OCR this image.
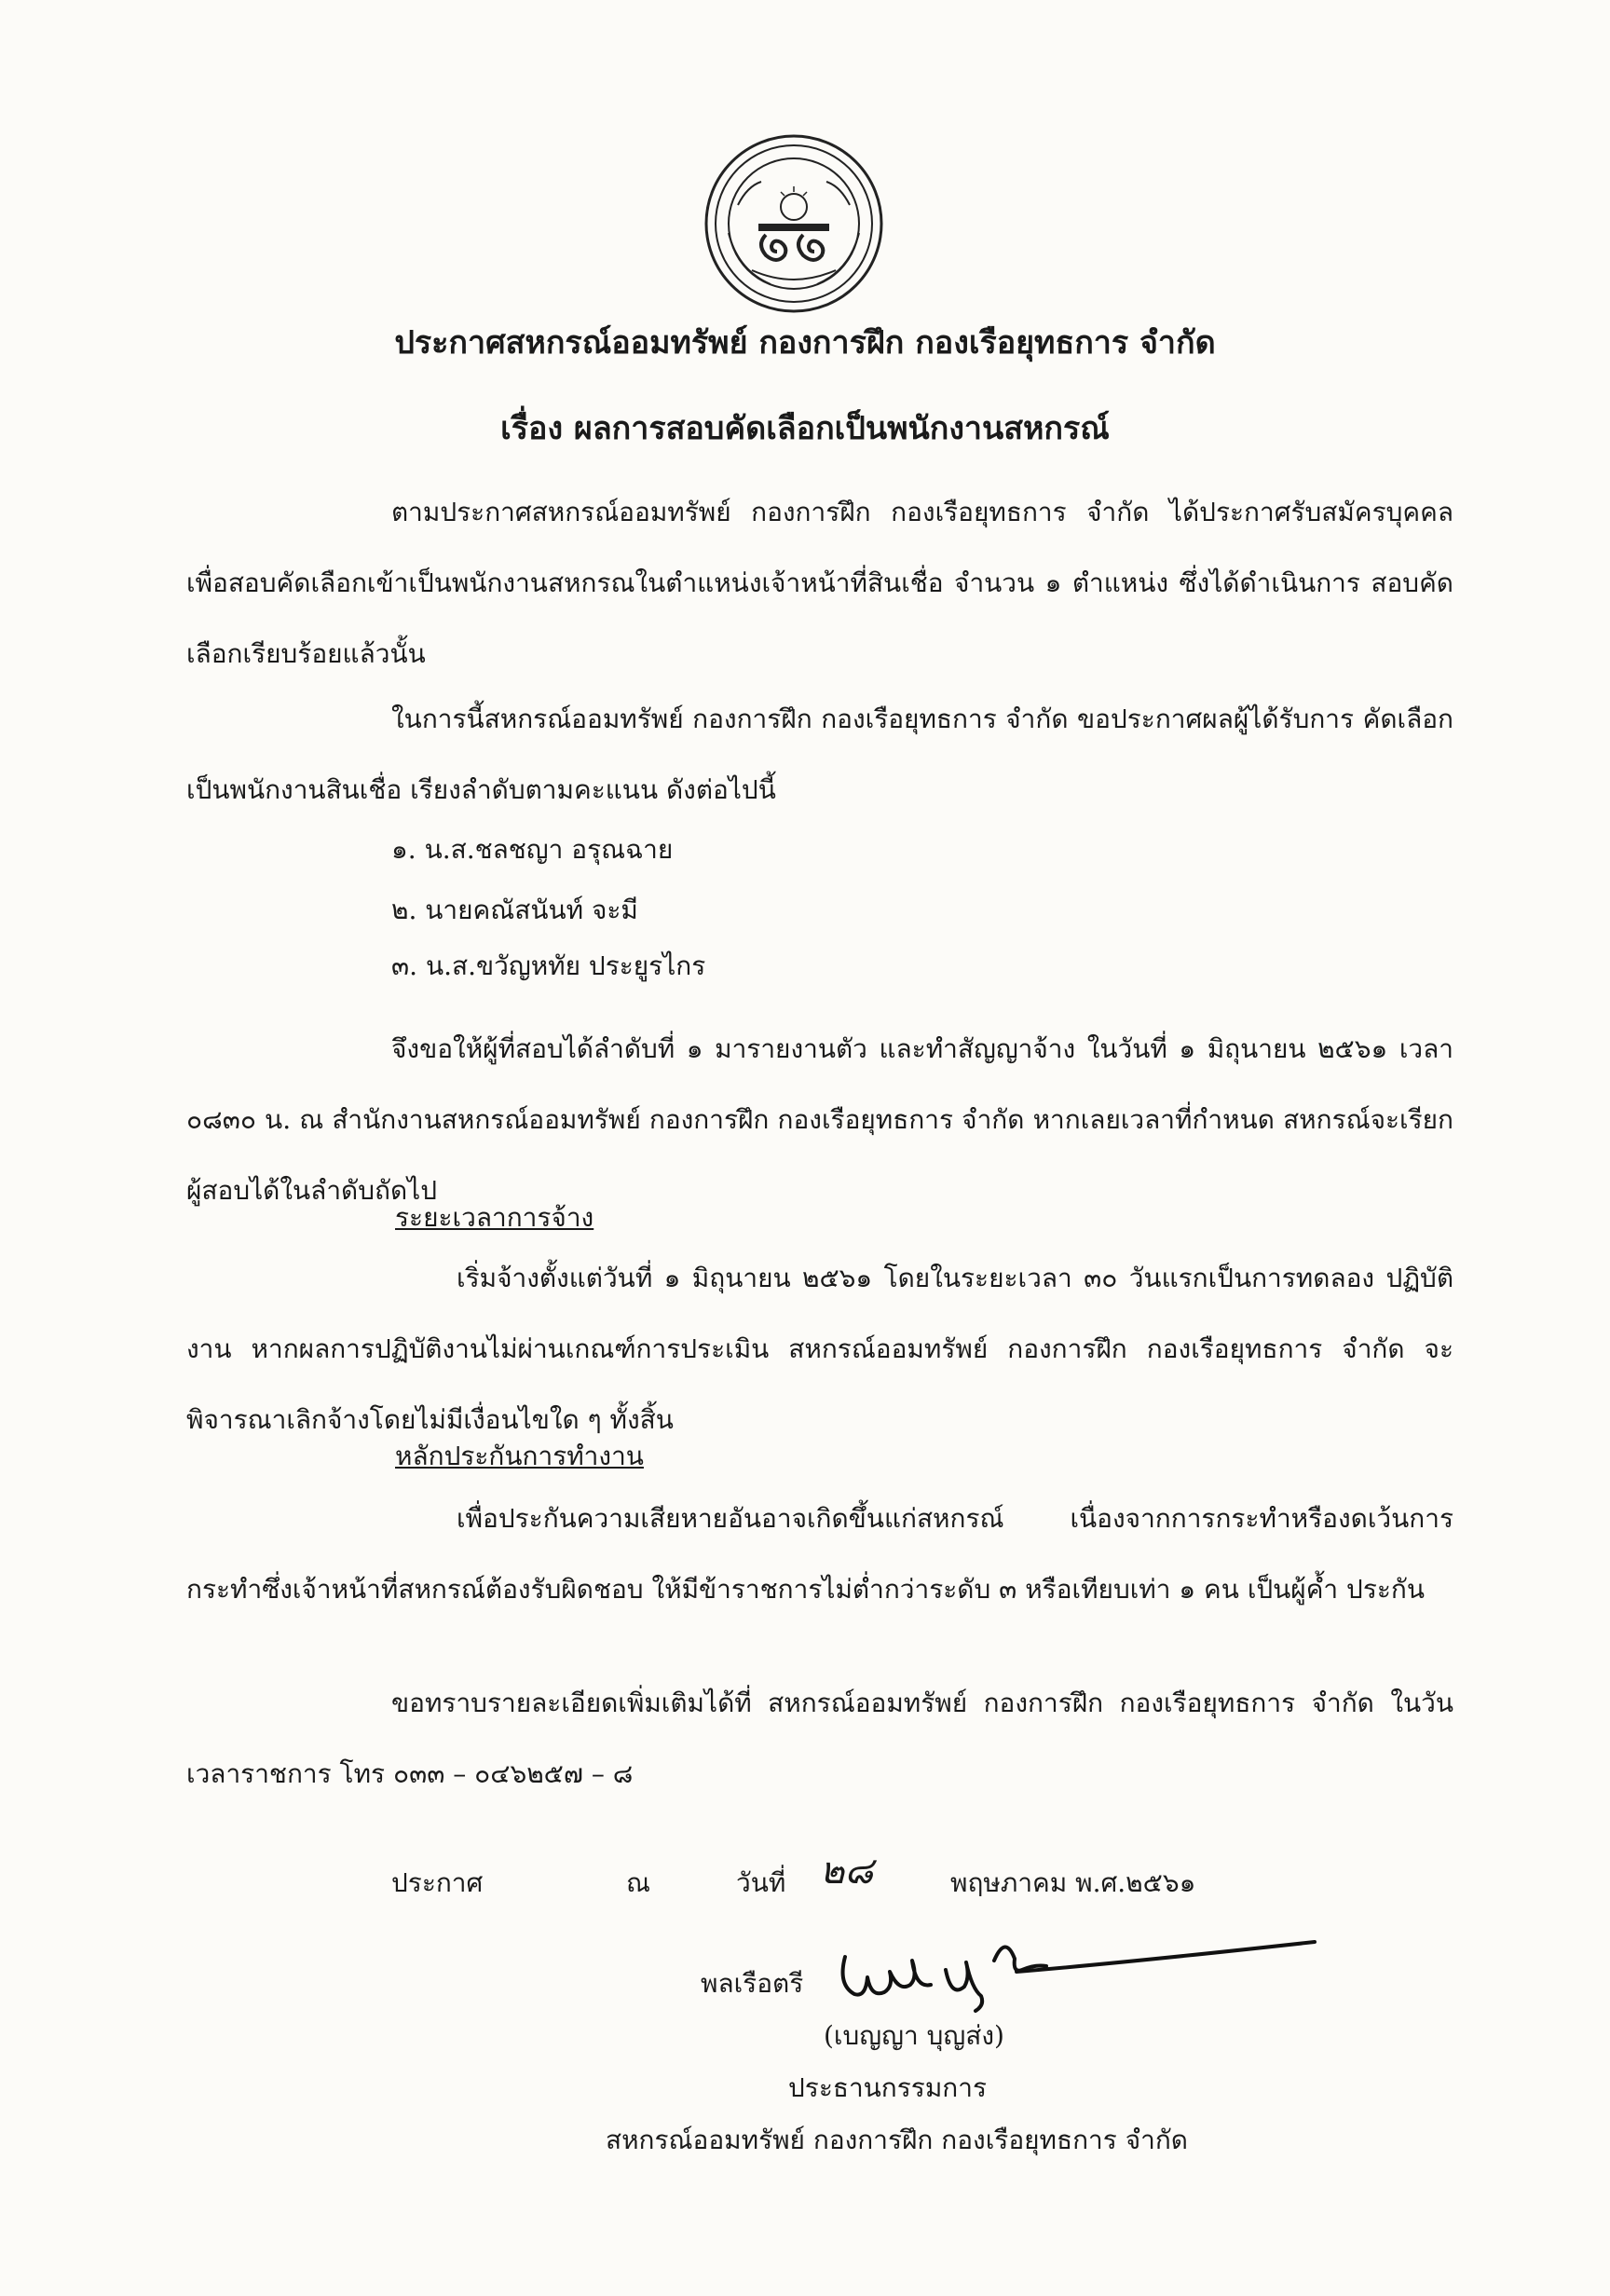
ประกาศสหกรณ์ออมทรัพย์ กองการฝึก กองเรือยุทธการ จำกัด
เรื่อง ผลการสอบคัดเลือกเป็นพนักงานสหกรณ์
ตามประกาศสหกรณ์ออมทรัพย์ กองการฝึก กองเรือยุทธการ จำกัด ได้ประกาศรับสมัครบุคคล เพื่อสอบคัดเลือกเข้าเป็นพนักงานสหกรณในตำแหน่งเจ้าหน้าที่สินเชื่อ จำนวน ๑ ตำแหน่ง ซึ่งได้ดำเนินการ สอบคัดเลือกเรียบร้อยแล้วนั้น
ในการนี้สหกรณ์ออมทรัพย์ กองการฝึก กองเรือยุทธการ จำกัด ขอประกาศผลผู้ได้รับการ คัดเลือกเป็นพนักงานสินเชื่อ เรียงลำดับตามคะแนน ดังต่อไปนี้
๑. น.ส.ชลชญา อรุณฉาย
๒. นายคณัสนันท์ จะมี
๓. น.ส.ขวัญหทัย ประยูรไกร
จึงขอให้ผู้ที่สอบได้ลำดับที่ ๑ มารายงานตัว และทำสัญญาจ้าง ในวันที่ ๑ มิถุนายน ๒๕๖๑ เวลา ๐๘๓๐ น. ณ สำนักงานสหกรณ์ออมทรัพย์ กองการฝึก กองเรือยุทธการ จำกัด หากเลยเวลาที่กำหนด สหกรณ์จะเรียกผู้สอบได้ในลำดับถัดไป
ระยะเวลาการจ้าง
เริ่มจ้างตั้งแต่วันที่ ๑ มิถุนายน ๒๕๖๑ โดยในระยะเวลา ๓๐ วันแรกเป็นการทดลอง ปฏิบัติงาน หากผลการปฏิบัติงานไม่ผ่านเกณฑ์การประเมิน สหกรณ์ออมทรัพย์ กองการฝึก กองเรือยุทธการ จำกัด จะพิจารณาเลิกจ้างโดยไม่มีเงื่อนไขใด ๆ ทั้งสิ้น
หลักประกันการทำงาน
เพื่อประกันความเสียหายอันอาจเกิดขึ้นแก่สหกรณ์ เนื่องจากการกระทำหรืองดเว้นการ กระทำซึ่งเจ้าหน้าที่สหกรณ์ต้องรับผิดชอบ ให้มีข้าราชการไม่ต่ำกว่าระดับ ๓ หรือเทียบเท่า ๑ คน เป็นผู้ค้ำ ประกัน
ขอทราบรายละเอียดเพิ่มเติมได้ที่ สหกรณ์ออมทรัพย์ กองการฝึก กองเรือยุทธการ จำกัด ในวันเวลาราชการ โทร ๐๓๓ – ๐๔๖๒๕๗ – ๘
ประกาศ	ณ	วันที่ ๒๘	พฤษภาคม พ.ศ.๒๕๖๑
พลเรือตรี
(เบญญา บุญส่ง)
ประธานกรรมการ
สหกรณ์ออมทรัพย์ กองการฝึก กองเรือยุทธการ จำกัด
